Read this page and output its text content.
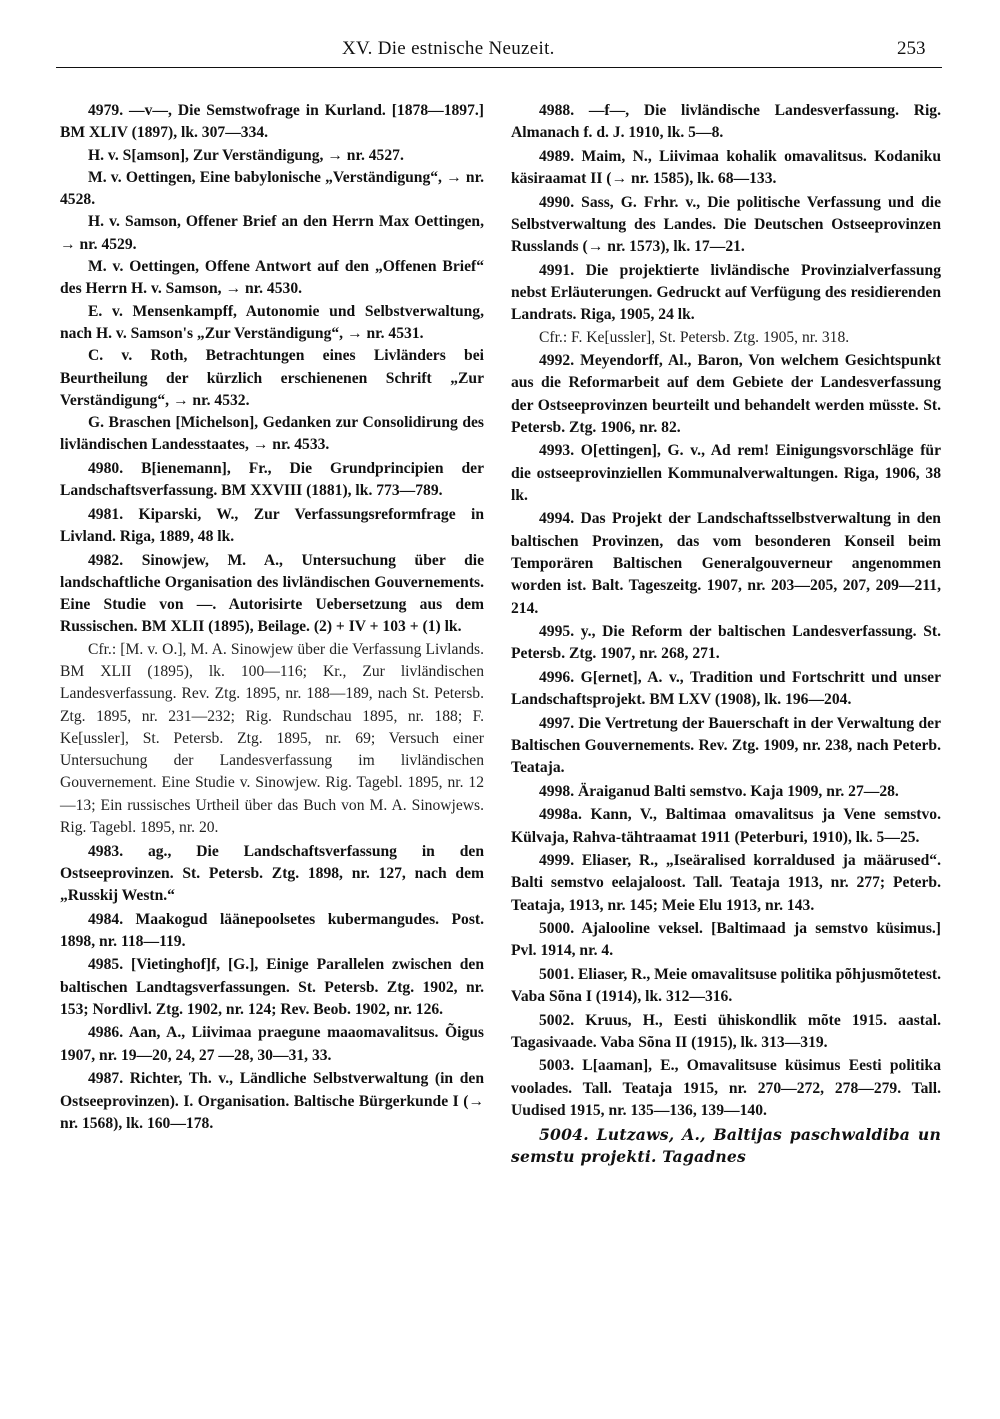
XV. Die estnische Neuzeit.	253

4979. —v—, Die Semstwofrage in Kurland. [1878—1897.] BM XLIV (1897), lk. 307—334.

H. v. S[amson], Zur Verständigung, → nr. 4527.

M. v. Oettingen, Eine babylonische „Verständigung“, → nr. 4528.

H. v. Samson, Offener Brief an den Herrn Max Oettingen, → nr. 4529.

M. v. Oettingen, Offene Antwort auf den „Offenen Brief“ des Herrn H. v. Samson, → nr. 4530.

E. v. Mensenkampff, Autonomie und Selbstverwaltung, nach H. v. Samson's „Zur Verständigung“, → nr. 4531.

C. v. Roth, Betrachtungen eines Livländers bei Beurtheilung der kürzlich erschienenen Schrift „Zur Verständigung“, → nr. 4532.

G. Braschen [Michelson], Gedanken zur Consolidirung des livländischen Landesstaates, → nr. 4533.

4980. B[ienemann], Fr., Die Grundprincipien der Landschaftsverfassung. BM XXVIII (1881), lk. 773—789.

4981. Kiparski, W., Zur Verfassungsreformfrage in Livland. Riga, 1889, 48 lk.

4982. Sinowjew, M. A., Untersuchung über die landschaftliche Organisation des livländischen Gouvernements. Eine Studie von —. Autorisirte Uebersetzung aus dem Russischen. BM XLII (1895), Beilage. (2) + IV + 103 + (1) lk.

Cfr.: [M. v. O.], M. A. Sinowjew über die Verfassung Livlands. BM XLII (1895), lk. 100—116; Kr., Zur livländischen Landesverfassung. Rev. Ztg. 1895, nr. 188—189, nach St. Petersb. Ztg. 1895, nr. 231—232; Rig. Rundschau 1895, nr. 188; F. Ke[ussler], St. Petersb. Ztg. 1895, nr. 69; Versuch einer Untersuchung der Landesverfassung im livländischen Gouvernement. Eine Studie v. Sinowjew. Rig. Tagebl. 1895, nr. 12—13; Ein russisches Urtheil über das Buch von M. A. Sinowjews. Rig. Tagebl. 1895, nr. 20.

4983. ag., Die Landschaftsverfassung in den Ostseeprovinzen. St. Petersb. Ztg. 1898, nr. 127, nach dem „Russkij Westn.“

4984. Maakogud läänepoolsetes kubermangudes. Post. 1898, nr. 118—119.

4985. [Vietinghof]f, [G.], Einige Parallelen zwischen den baltischen Landtagsverfassungen. St. Petersb. Ztg. 1902, nr. 153; Nordlivl. Ztg. 1902, nr. 124; Rev. Beob. 1902, nr. 126.

4986. Aan, A., Liivimaa praegune maaomavalitsus. Õigus 1907, nr. 19—20, 24, 27 —28, 30—31, 33.

4987. Richter, Th. v., Ländliche Selbstverwaltung (in den Ostseeprovinzen). I. Organisation. Baltische Bürgerkunde I (→ nr. 1568), lk. 160—178.

4988. —f—, Die livländische Landesverfassung. Rig. Almanach f. d. J. 1910, lk. 5—8.

4989. Maim, N., Liivimaa kohalik omavalitsus. Kodaniku käsiraamat II (→ nr. 1585), lk. 68—133.

4990. Sass, G. Frhr. v., Die politische Verfassung und die Selbstverwaltung des Landes. Die Deutschen Ostseeprovinzen Russlands (→ nr. 1573), lk. 17—21.

4991. Die projektierte livländische Provinzialverfassung nebst Erläuterungen. Gedruckt auf Verfügung des residierenden Landrats. Riga, 1905, 24 lk.

Cfr.: F. Ke[ussler], St. Petersb. Ztg. 1905, nr. 318.

4992. Meyendorff, Al., Baron, Von welchem Gesichtspunkt aus die Reformarbeit auf dem Gebiete der Landesverfassung der Ostseeprovinzen beurteilt und behandelt werden müsste. St. Petersb. Ztg. 1906, nr. 82.

4993. O[ettingen], G. v., Ad rem! Einigungsvorschläge für die ostseeprovinziellen Kommunalverwaltungen. Riga, 1906, 38 lk.

4994. Das Projekt der Landschaftsselbstverwaltung in den baltischen Provinzen, das vom besonderen Konseil beim Temporären Baltischen Generalgouverneur angenommen worden ist. Balt. Tageszeitg. 1907, nr. 203—205, 207, 209—211, 214.

4995. y., Die Reform der baltischen Landesverfassung. St. Petersb. Ztg. 1907, nr. 268, 271.

4996. G[ernet], A. v., Tradition und Fortschritt und unser Landschaftsprojekt. BM LXV (1908), lk. 196—204.

4997. Die Vertretung der Bauerschaft in der Verwaltung der Baltischen Gouvernements. Rev. Ztg. 1909, nr. 238, nach Peterb. Teataja.

4998. Äraiganud Balti semstvo. Kaja 1909, nr. 27—28.

4998a. Kann, V., Baltimaa omavalitsus ja Vene semstvo. Külvaja, Rahva-tähtraamat 1911 (Peterburi, 1910), lk. 5—25.

4999. Eliaser, R., „Iseäralised korraldused ja määrused“. Balti semstvo eelajaloost. Tall. Teataja 1913, nr. 277; Peterb. Teataja, 1913, nr. 145; Meie Elu 1913, nr. 143.

5000. Ajalooline veksel. [Baltimaad ja semstvo küsimus.] Pvl. 1914, nr. 4.

5001. Eliaser, R., Meie omavalitsuse politika põhjusmõtetest. Vaba Sõna I (1914), lk. 312—316.

5002. Kruus, H., Eesti ühiskondlik mõte 1915. aastal. Tagasivaade. Vaba Sõna II (1915), lk. 313—319.

5003. L[aaman], E., Omavalitsuse küsimus Eesti politika voolades. Tall. Teataja 1915, nr. 270—272, 278—279. Tall. Uudised 1915, nr. 135—136, 139—140.

5004. Lutzaws, A., Baltijas paschwaldiba un semstu projekti. Tagadnes
